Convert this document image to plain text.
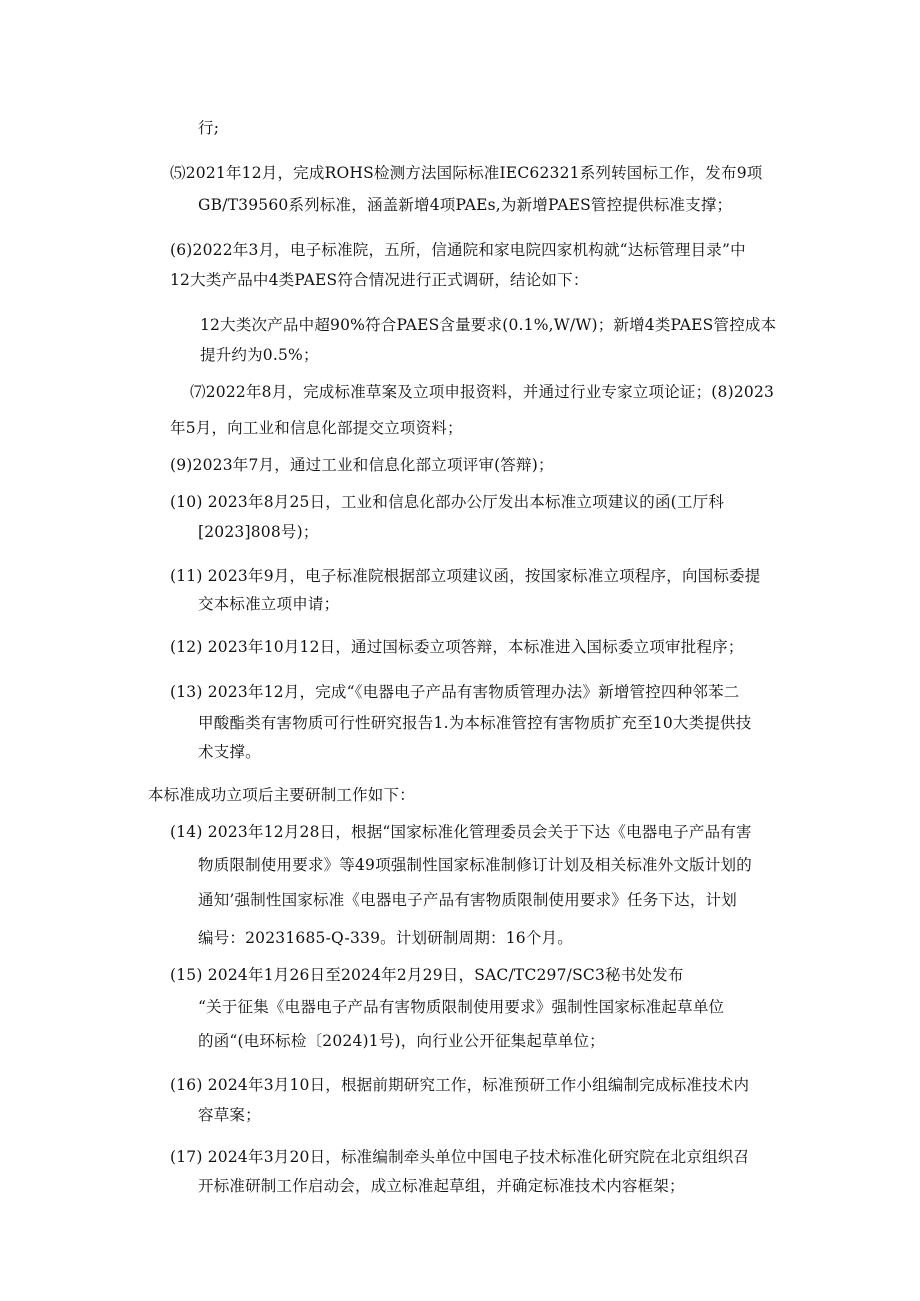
行;
⑸2021年12月，完成ROHS检测方法国际标准IEC62321系列转国标工作，发布9项
GB/T39560系列标准，涵盖新增4项PAEs,为新增PAES管控提供标准支撑；
(6)2022年3月，电子标准院，五所，信通院和家电院四家机构就“达标管理目录”中
12大类产品中4类PAES符合情况进行正式调研，结论如下：
12大类次产品中超90%符合PAES含量要求(0.1%,W/W)；新增4类PAES管控成本
提升约为0.5%；
⑺2022年8月，完成标准草案及立项申报资料，并通过行业专家立项论证；(8)2023
年5月，向工业和信息化部提交立项资料；
(9)2023年7月，通过工业和信息化部立项评审(答辩)；
(10) 2023年8月25日，工业和信息化部办公厅发出本标准立项建议的函(工厅科
[2023]808号)；
(11) 2023年9月，电子标准院根据部立项建议函，按国家标准立项程序，向国标委提
交本标准立项申请；
(12) 2023年10月12日，通过国标委立项答辩，本标准进入国标委立项审批程序；
(13) 2023年12月，完成“《电器电子产品有害物质管理办法》新增管控四种邻苯二
甲酸酯类有害物质可行性研究报告1.为本标准管控有害物质扩充至10大类提供技
术支撑。
本标准成功立项后主要研制工作如下：
(14) 2023年12月28日，根据“国家标准化管理委员会关于下达《电器电子产品有害
物质限制使用要求》等49项强制性国家标准制修订计划及相关标准外文版计划的
通知’强制性国家标准《电器电子产品有害物质限制使用要求》任务下达，计划
编号：20231685-Q-339。计划研制周期：16个月。
(15) 2024年1月26日至2024年2月29日，SAC/TC297/SC3秘书处发布
“关于征集《电器电子产品有害物质限制使用要求》强制性国家标准起草单位
的函“(电环标检〔2024)1号)，向行业公开征集起草单位；
(16) 2024年3月10日，根据前期研究工作，标准预研工作小组编制完成标准技术内
容草案；
(17) 2024年3月20日，标准编制牵头单位中国电子技术标准化研究院在北京组织召
开标准研制工作启动会，成立标准起草组，并确定标准技术内容框架；
